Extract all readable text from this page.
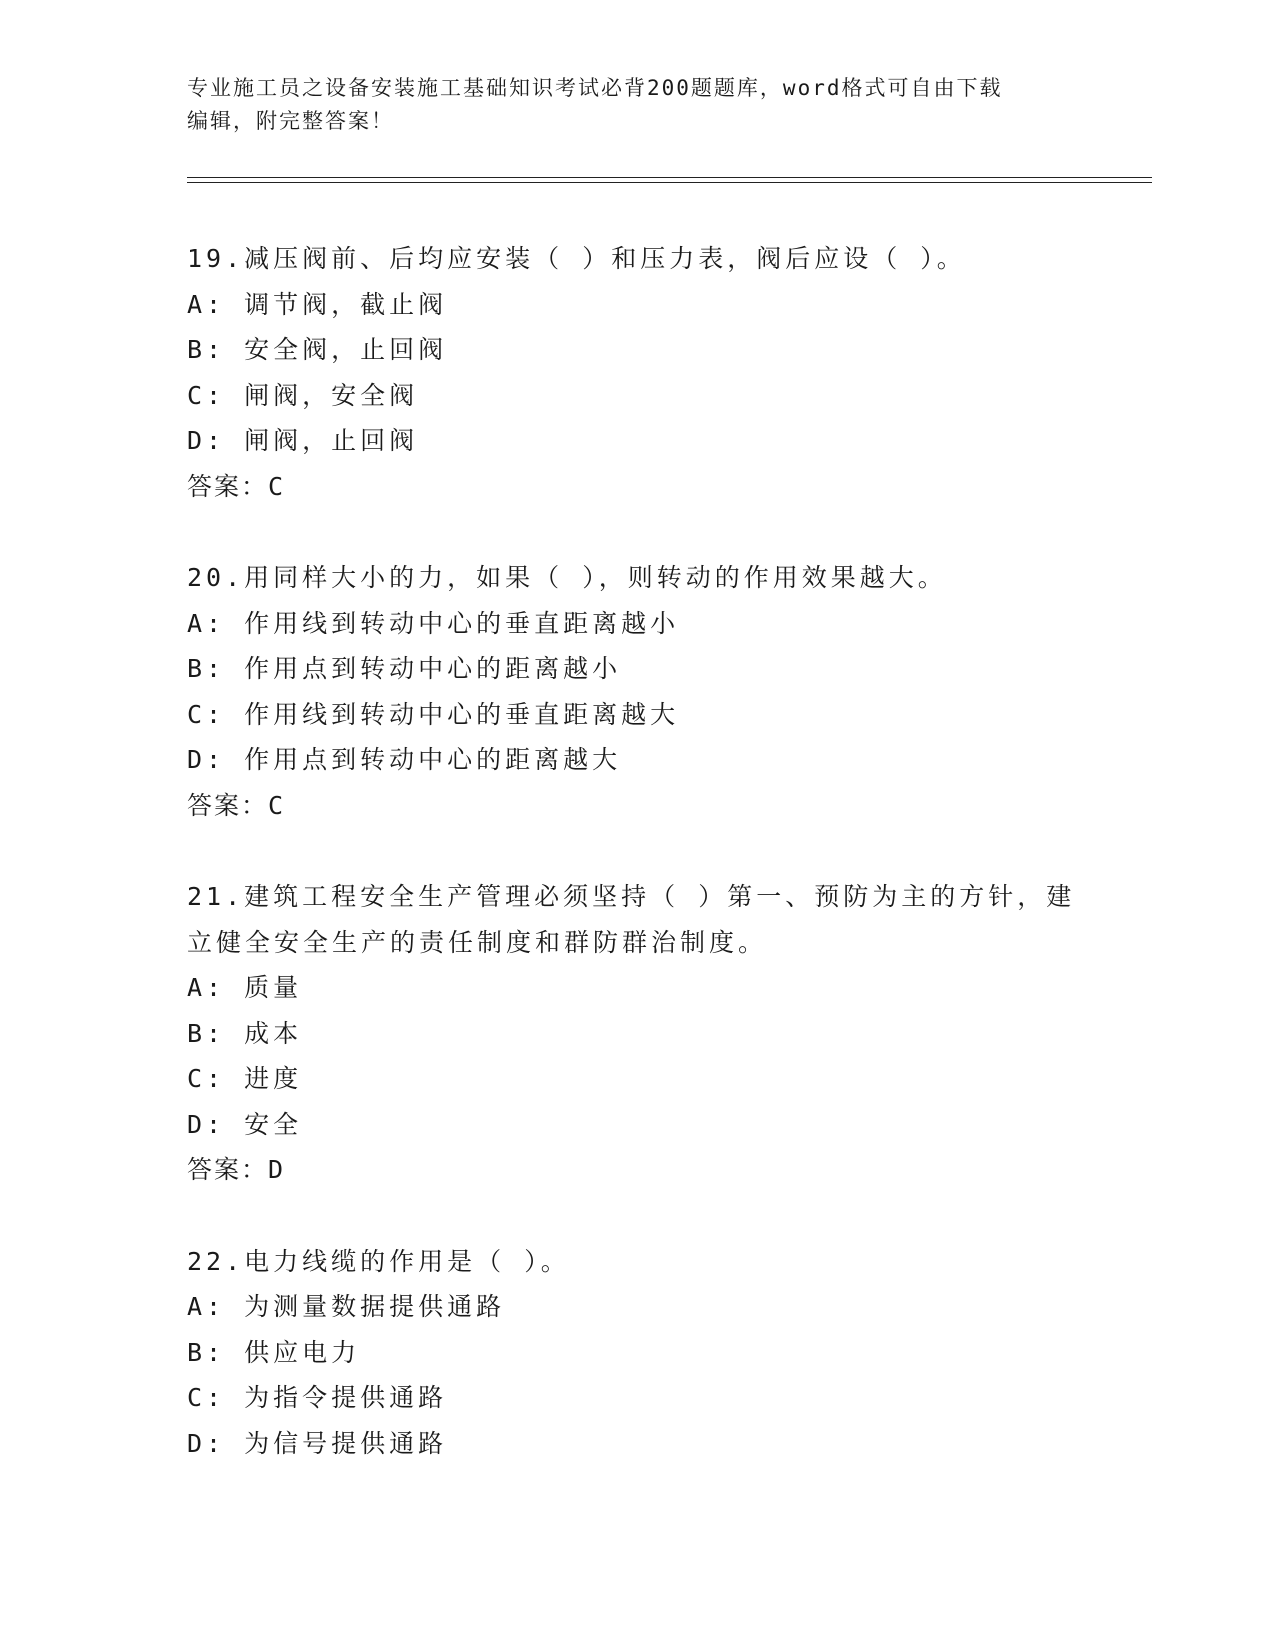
专业施工员之设备安装施工基础知识考试必背200题题库，word格式可自由下载
编辑，附完整答案！
19.减压阀前、后均应安装（ ）和压力表，阀后应设（ ）。
A: 调节阀，截止阀
B: 安全阀，止回阀
C: 闸阀，安全阀
D: 闸阀，止回阀
答案：C
20.用同样大小的力，如果（ ），则转动的作用效果越大。
A: 作用线到转动中心的垂直距离越小
B: 作用点到转动中心的距离越小
C: 作用线到转动中心的垂直距离越大
D: 作用点到转动中心的距离越大
答案：C
21.建筑工程安全生产管理必须坚持（ ）第一、预防为主的方针，建立健全安全生产的责任制度和群防群治制度。
A: 质量
B: 成本
C: 进度
D: 安全
答案：D
22.电力线缆的作用是（ ）。
A: 为测量数据提供通路
B: 供应电力
C: 为指令提供通路
D: 为信号提供通路
